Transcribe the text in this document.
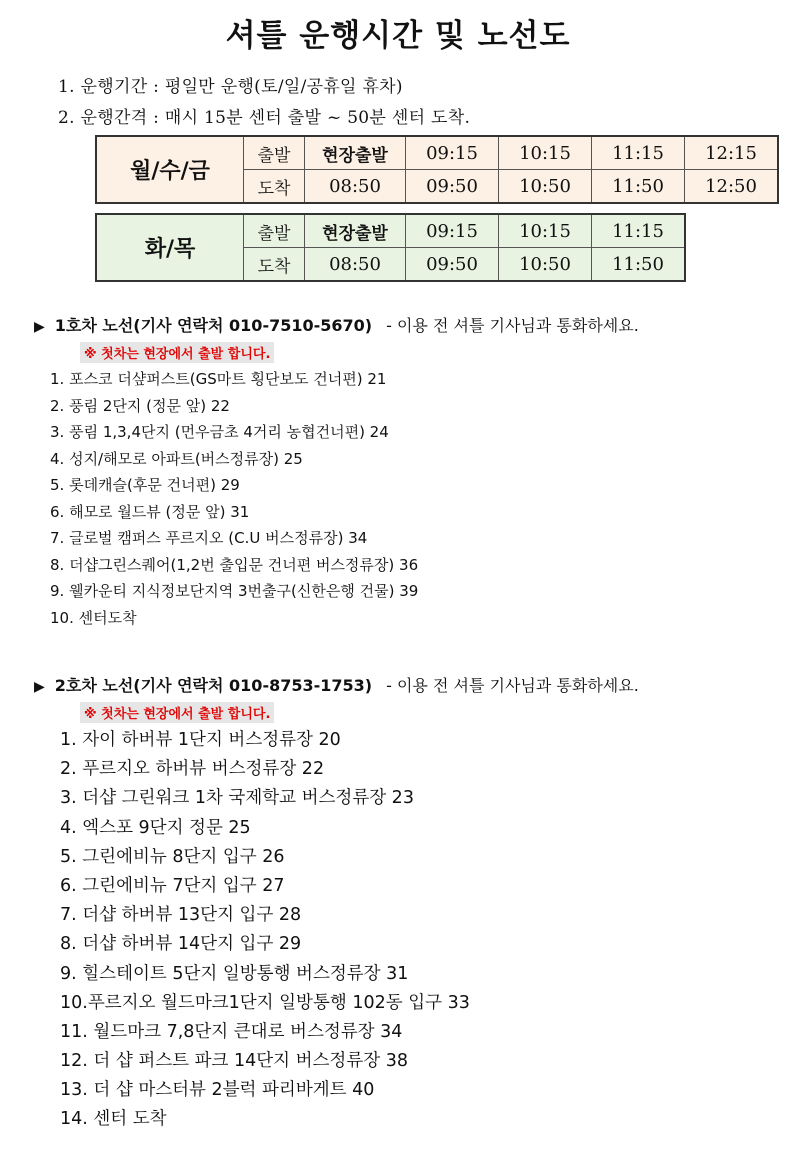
셔틀 운행시간 및 노선도
1. 운행기간 : 평일만 운행(토/일/공휴일 휴차)
2. 운행간격 : 매시 15분 센터 출발 ~ 50분 센터 도착.
월/수/금	출발	현장출발	09:15	10:15	11:15	12:15
	도착	08:50	09:50	10:50	11:50	12:50
화/목	출발	현장출발	09:15	10:15	11:15
	도착	08:50	09:50	10:50	11:50
▶ 1호차 노선(기사 연락처 010-7510-5670) - 이용 전 셔틀 기사님과 통화하세요.
※ 첫차는 현장에서 출발 합니다.
1. 포스코 더샾퍼스트(GS마트 횡단보도 건너편) 21
2. 풍림 2단지 (정문 앞) 22
3. 풍림 1,3,4단지 (먼우금초 4거리 농협건너편) 24
4. 성지/해모로 아파트(버스정류장) 25
5. 롯데캐슬(후문 건너편) 29
6. 해모로 월드뷰 (정문 앞) 31
7. 글로벌 캠퍼스 푸르지오 (C.U 버스정류장) 34
8. 더샵그린스퀘어(1,2번 출입문 건너편 버스정류장) 36
9. 웰카운티 지식정보단지역 3번출구(신한은행 건물) 39
10. 센터도착
▶ 2호차 노선(기사 연락처 010-8753-1753) - 이용 전 셔틀 기사님과 통화하세요.
※ 첫차는 현장에서 출발 합니다.
1. 자이 하버뷰 1단지 버스정류장 20
2. 푸르지오 하버뷰 버스정류장 22
3. 더샵 그린워크 1차 국제학교 버스정류장 23
4. 엑스포 9단지 정문 25
5. 그린에비뉴 8단지 입구 26
6. 그린에비뉴 7단지 입구 27
7. 더샵 하버뷰 13단지 입구 28
8. 더샵 하버뷰 14단지 입구 29
9. 힐스테이트 5단지 일방통행 버스정류장 31
10.푸르지오 월드마크1단지 일방통행 102동 입구 33
11. 월드마크 7,8단지 큰대로 버스정류장 34
12. 더 샵 퍼스트 파크 14단지 버스정류장 38
13. 더 샵 마스터뷰 2블럭 파리바게트 40
14. 센터 도착
